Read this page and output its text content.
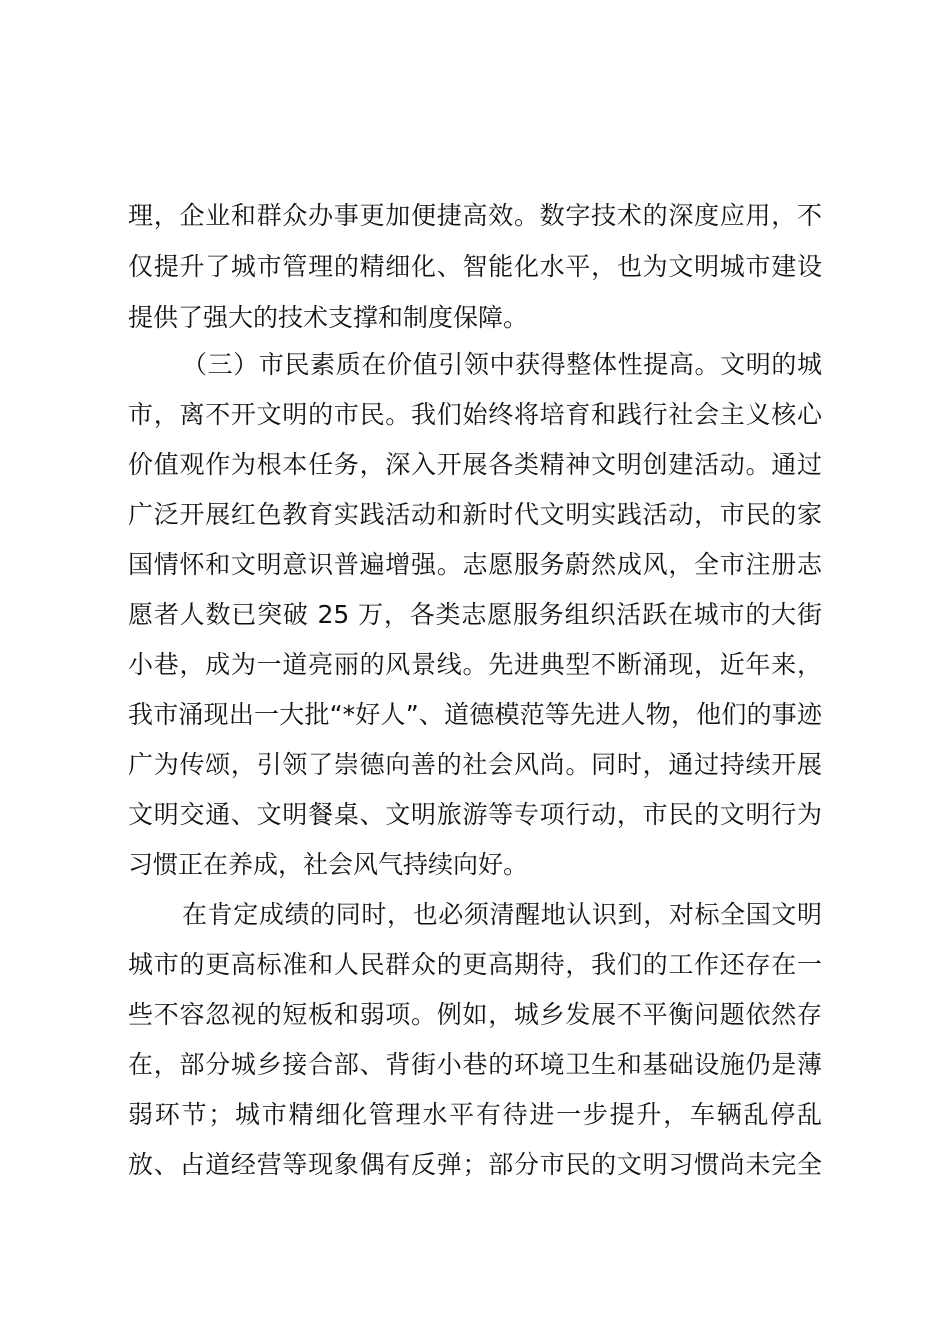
理，企业和群众办事更加便捷高效。数字技术的深度应用，不
仅提升了城市管理的精细化、智能化水平，也为文明城市建设
提供了强大的技术支撑和制度保障。
（三）市民素质在价值引领中获得整体性提高。文明的城
市，离不开文明的市民。我们始终将培育和践行社会主义核心
价值观作为根本任务，深入开展各类精神文明创建活动。通过
广泛开展红色教育实践活动和新时代文明实践活动，市民的家
国情怀和文明意识普遍增强。志愿服务蔚然成风，全市注册志
愿者人数已突破 25 万，各类志愿服务组织活跃在城市的大街
小巷，成为一道亮丽的风景线。先进典型不断涌现，近年来，
我市涌现出一大批“*好人”、道德模范等先进人物，他们的事迹
广为传颂，引领了崇德向善的社会风尚。同时，通过持续开展
文明交通、文明餐桌、文明旅游等专项行动，市民的文明行为
习惯正在养成，社会风气持续向好。
在肯定成绩的同时，也必须清醒地认识到，对标全国文明
城市的更高标准和人民群众的更高期待，我们的工作还存在一
些不容忽视的短板和弱项。例如，城乡发展不平衡问题依然存
在，部分城乡接合部、背街小巷的环境卫生和基础设施仍是薄
弱环节；城市精细化管理水平有待进一步提升，车辆乱停乱
放、占道经营等现象偶有反弹；部分市民的文明习惯尚未完全
